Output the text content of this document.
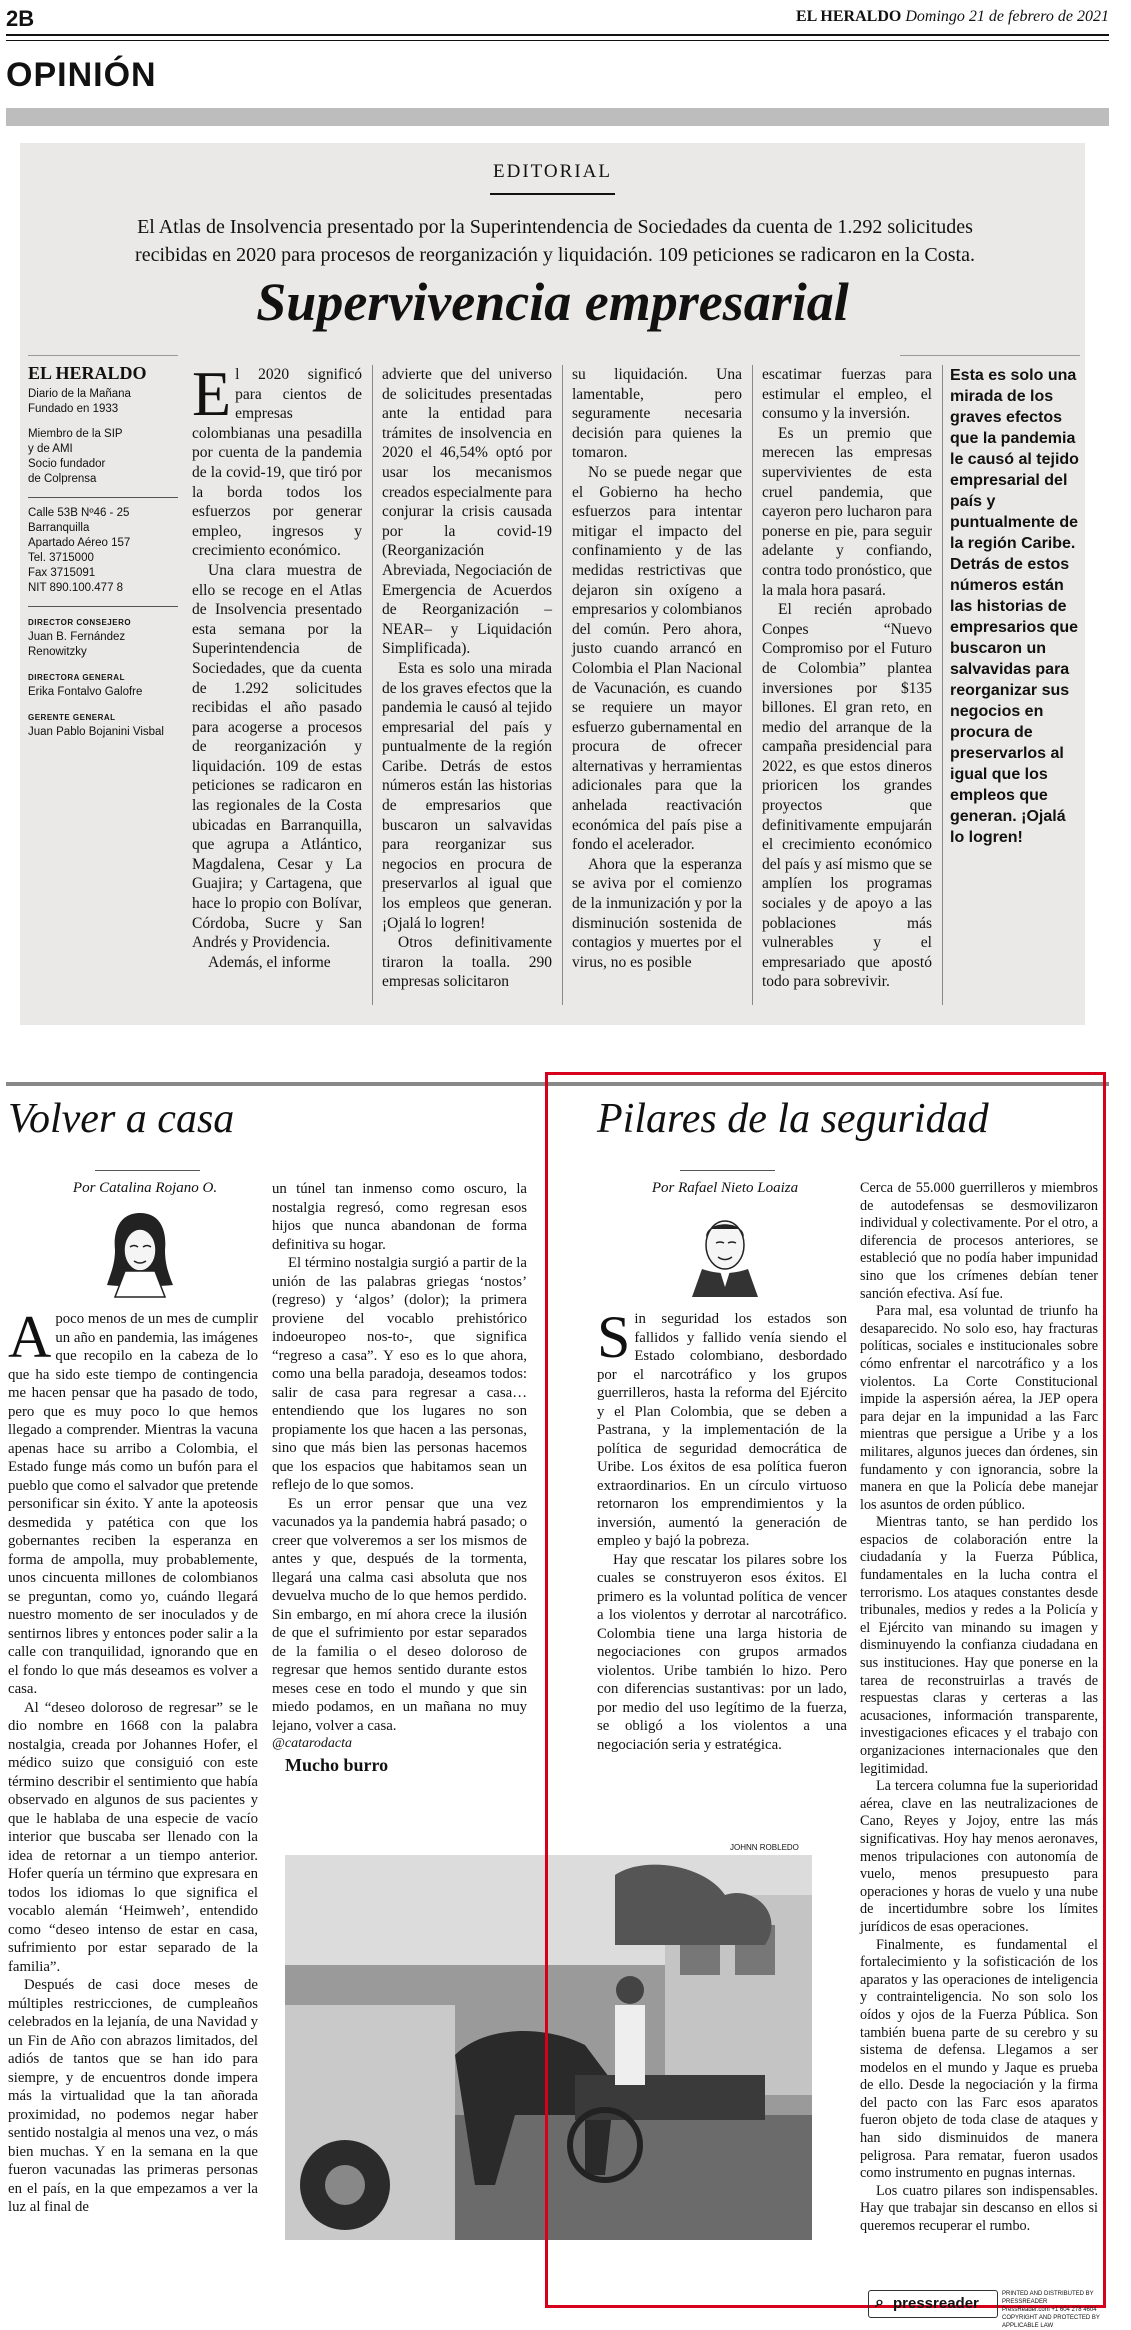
2B	EL HERALDO Domingo 21 de febrero de 2021
OPINIÓN
EDITORIAL
El Atlas de Insolvencia presentado por la Superintendencia de Sociedades da cuenta de 1.292 solicitudes recibidas en 2020 para procesos de reorganización y liquidación. 109 peticiones se radicaron en la Costa.
Supervivencia empresarial
EL HERALDO
Diario de la Mañana
Fundado en 1933
Miembro de la SIP
y de AMI
Socio fundador
de Colprensa
Calle 53B Nº46 - 25
Barranquilla
Apartado Aéreo 157
Tel. 3715000
Fax 3715091
NIT 890.100.477 8
DIRECTOR CONSEJERO
Juan B. Fernández Renowitzky
DIRECTORA GENERAL
Erika Fontalvo Galofre
GERENTE GENERAL
Juan Pablo Bojanini Visbal

El 2020 significó para cientos de empresas colombianas una pesadilla por cuenta de la pandemia de la covid-19, que tiró por la borda todos los esfuerzos por generar empleo, ingresos y crecimiento económico.

Una clara muestra de ello se recoge en el Atlas de Insolvencia presentado esta semana por la Superintendencia de Sociedades, que da cuenta de 1.292 solicitudes recibidas el año pasado para acogerse a procesos de reorganización y liquidación. 109 de estas peticiones se radicaron en las regionales de la Costa ubicadas en Barranquilla, que agrupa a Atlántico, Magdalena, Cesar y La Guajira; y Cartagena, que hace lo propio con Bolívar, Córdoba, Sucre y San Andrés y Providencia.

Además, el informe

advierte que del universo de solicitudes presentadas ante la entidad para trámites de insolvencia en 2020 el 46,54% optó por usar los mecanismos creados especialmente para conjurar la crisis causada por la covid-19 (Reorganización Abreviada, Negociación de Emergencia de Acuerdos de Reorganización – NEAR– y Liquidación Simplificada).

Esta es solo una mirada de los graves efectos que la pandemia le causó al tejido empresarial del país y puntualmente de la región Caribe. Detrás de estos números están las historias de empresarios que buscaron un salvavidas para reorganizar sus negocios en procura de preservarlos al igual que los empleos que generan. ¡Ojalá lo logren!

Otros definitivamente tiraron la toalla. 290 empresas solicitaron

su liquidación. Una lamentable, pero seguramente necesaria decisión para quienes la tomaron.

No se puede negar que el Gobierno ha hecho esfuerzos para intentar mitigar el impacto del confinamiento y de las medidas restrictivas que dejaron sin oxígeno a empresarios y colombianos del común. Pero ahora, justo cuando arrancó en Colombia el Plan Nacional de Vacunación, es cuando se requiere un mayor esfuerzo gubernamental en procura de ofrecer alternativas y herramientas adicionales para que la anhelada reactivación económica del país pise a fondo el acelerador.

Ahora que la esperanza se aviva por el comienzo de la inmunización y por la disminución sostenida de contagios y muertes por el virus, no es posible

escatimar fuerzas para estimular el empleo, el consumo y la inversión.

Es un premio que merecen las empresas supervivientes de esta cruel pandemia, que cayeron pero lucharon para ponerse en pie, para seguir adelante y confiando, contra todo pronóstico, que la mala hora pasará.

El recién aprobado Conpes “Nuevo Compromiso por el Futuro de Colombia” plantea inversiones por $135 billones. El gran reto, en medio del arranque de la campaña presidencial para 2022, es que estos dineros prioricen los grandes proyectos que definitivamente empujarán el crecimiento económico del país y así mismo que se amplíen los programas sociales y de apoyo a las poblaciones más vulnerables y el empresariado que apostó todo para sobrevivir.

Esta es solo una mirada de los graves efectos que la pandemia le causó al tejido empresarial del país y puntualmente de la región Caribe. Detrás de estos números están las historias de empresarios que buscaron un salvavidas para reorganizar sus negocios en procura de preservarlos al igual que los empleos que generan. ¡Ojalá lo logren!
Volver a casa
Por Catalina Rojano O.

Apoco menos de un mes de cumplir un año en pandemia, las imágenes que recopilo en la cabeza de lo que ha sido este tiempo de contingencia me hacen pensar que ha pasado de todo, pero que es muy poco lo que hemos llegado a comprender. Mientras la vacuna apenas hace su arribo a Colombia, el Estado funge más como un bufón para el pueblo que como el salvador que pretende personificar sin éxito. Y ante la apoteosis desmedida y patética con que los gobernantes reciben la esperanza en forma de ampolla, muy probablemente, unos cincuenta millones de colombianos se preguntan, como yo, cuándo llegará nuestro momento de ser inoculados y de sentirnos libres y entonces poder salir a la calle con tranquilidad, ignorando que en el fondo lo que más deseamos es volver a casa.

Al “deseo doloroso de regresar” se le dio nombre en 1668 con la palabra nostalgia, creada por Johannes Hofer, el médico suizo que consiguió con este término describir el sentimiento que había observado en algunos de sus pacientes y que le hablaba de una especie de vacío interior que buscaba ser llenado con la idea de retornar a un tiempo anterior. Hofer quería un término que expresara en todos los idiomas lo que significa el vocablo alemán ‘Heimweh’, entendido como “deseo intenso de estar en casa, sufrimiento por estar separado de la familia”.

Después de casi doce meses de múltiples restricciones, de cumpleaños celebrados en la lejanía, de una Navidad y un Fin de Año con abrazos limitados, del adiós de tantos que se han ido para siempre, y de encuentros donde impera más la virtualidad que la tan añorada proximidad, no podemos negar haber sentido nostalgia al menos una vez, o más bien muchas. Y en la semana en la que fueron vacunadas las primeras personas en el país, en la que empezamos a ver la luz al final de

un túnel tan inmenso como oscuro, la nostalgia regresó, como regresan esos hijos que nunca abandonan de forma definitiva su hogar.

El término nostalgia surgió a partir de la unión de las palabras griegas ‘nostos’ (regreso) y ‘algos’ (dolor); la primera proviene del vocablo prehistórico indoeuropeo nos-to-, que significa “regreso a casa”. Y eso es lo que ahora, como una bella paradoja, deseamos todos: salir de casa para regresar a casa… entendiendo que los lugares no son propiamente los que hacen a las personas, sino que más bien las personas hacemos que los espacios que habitamos sean un reflejo de lo que somos.

Es un error pensar que una vez vacunados ya la pandemia habrá pasado; o creer que volveremos a ser los mismos de antes y que, después de la tormenta, llegará una calma casi absoluta que nos devuelva mucho de lo que hemos perdido. Sin embargo, en mí ahora crece la ilusión de que el sufrimiento por estar separados de la familia o el deseo doloroso de regresar que hemos sentido durante estos meses cese en todo el mundo y que sin miedo podamos, en un mañana no muy lejano, volver a casa.

@catarodacta

Mucho burro
JOHNN ROBLEDO
Pilares de la seguridad
Por Rafael Nieto Loaiza

Sin seguridad los estados son fallidos y fallido venía siendo el Estado colombiano, desbordado por el narcotráfico y los grupos guerrilleros, hasta la reforma del Ejército y el Plan Colombia, que se deben a Pastrana, y la implementación de la política de seguridad democrática de Uribe. Los éxitos de esa política fueron extraordinarios. En un círculo virtuoso retornaron los emprendimientos y la inversión, aumentó la generación de empleo y bajó la pobreza.

Hay que rescatar los pilares sobre los cuales se construyeron esos éxitos. El primero es la voluntad política de vencer a los violentos y derrotar al narcotráfico. Colombia tiene una larga historia de negociaciones con grupos armados violentos. Uribe también lo hizo. Pero con diferencias sustantivas: por un lado, por medio del uso legítimo de la fuerza, se obligó a los violentos a una negociación seria y estratégica.

Cerca de 55.000 guerrilleros y miembros de autodefensas se desmovilizaron individual y colectivamente. Por el otro, a diferencia de procesos anteriores, se estableció que no podía haber impunidad sino que los crímenes debían tener sanción efectiva. Así fue.

Para mal, esa voluntad de triunfo ha desaparecido. No solo eso, hay fracturas políticas, sociales e institucionales sobre cómo enfrentar el narcotráfico y a los violentos. La Corte Constitucional impide la aspersión aérea, la JEP opera para dejar en la impunidad a las Farc mientras que persigue a Uribe y a los militares, algunos jueces dan órdenes, sin fundamento y con ignorancia, sobre la manera en que la Policía debe manejar los asuntos de orden público.

Mientras tanto, se han perdido los espacios de colaboración entre la ciudadanía y la Fuerza Pública, fundamentales en la lucha contra el terrorismo. Los ataques constantes desde tribunales, medios y redes a la Policía y el Ejército van minando su imagen y disminuyendo la confianza ciudadana en sus instituciones. Hay que ponerse en la tarea de reconstruirlas a través de respuestas claras y certeras a las acusaciones, información transparente, investigaciones eficaces y el trabajo con organizaciones internacionales que den legitimidad.

La tercera columna fue la superioridad aérea, clave en las neutralizaciones de Cano, Reyes y Jojoy, entre las más significativas. Hoy hay menos aeronaves, menos tripulaciones con autonomía de vuelo, menos presupuesto para operaciones y horas de vuelo y una nube de incertidumbre sobre los límites jurídicos de esas operaciones.

Finalmente, es fundamental el fortalecimiento y la sofisticación de los aparatos y las operaciones de inteligencia y contrainteligencia. No son solo los oídos y ojos de la Fuerza Pública. Son también buena parte de su cerebro y su sistema de defensa. Llegamos a ser modelos en el mundo y Jaque es prueba de ello. Desde la negociación y la firma del pacto con las Farc esos aparatos fueron objeto de toda clase de ataques y han sido disminuidos de manera peligrosa. Para rematar, fueron usados como instrumento en pugnas internas.

Los cuatro pilares son indispensables. Hay que trabajar sin descanso en ellos si queremos recuperar el rumbo.

⌕ pressreader
PRINTED AND DISTRIBUTED BY PRESSREADER
PressReader.com +1 604 278 4604
COPYRIGHT AND PROTECTED BY APPLICABLE LAW
